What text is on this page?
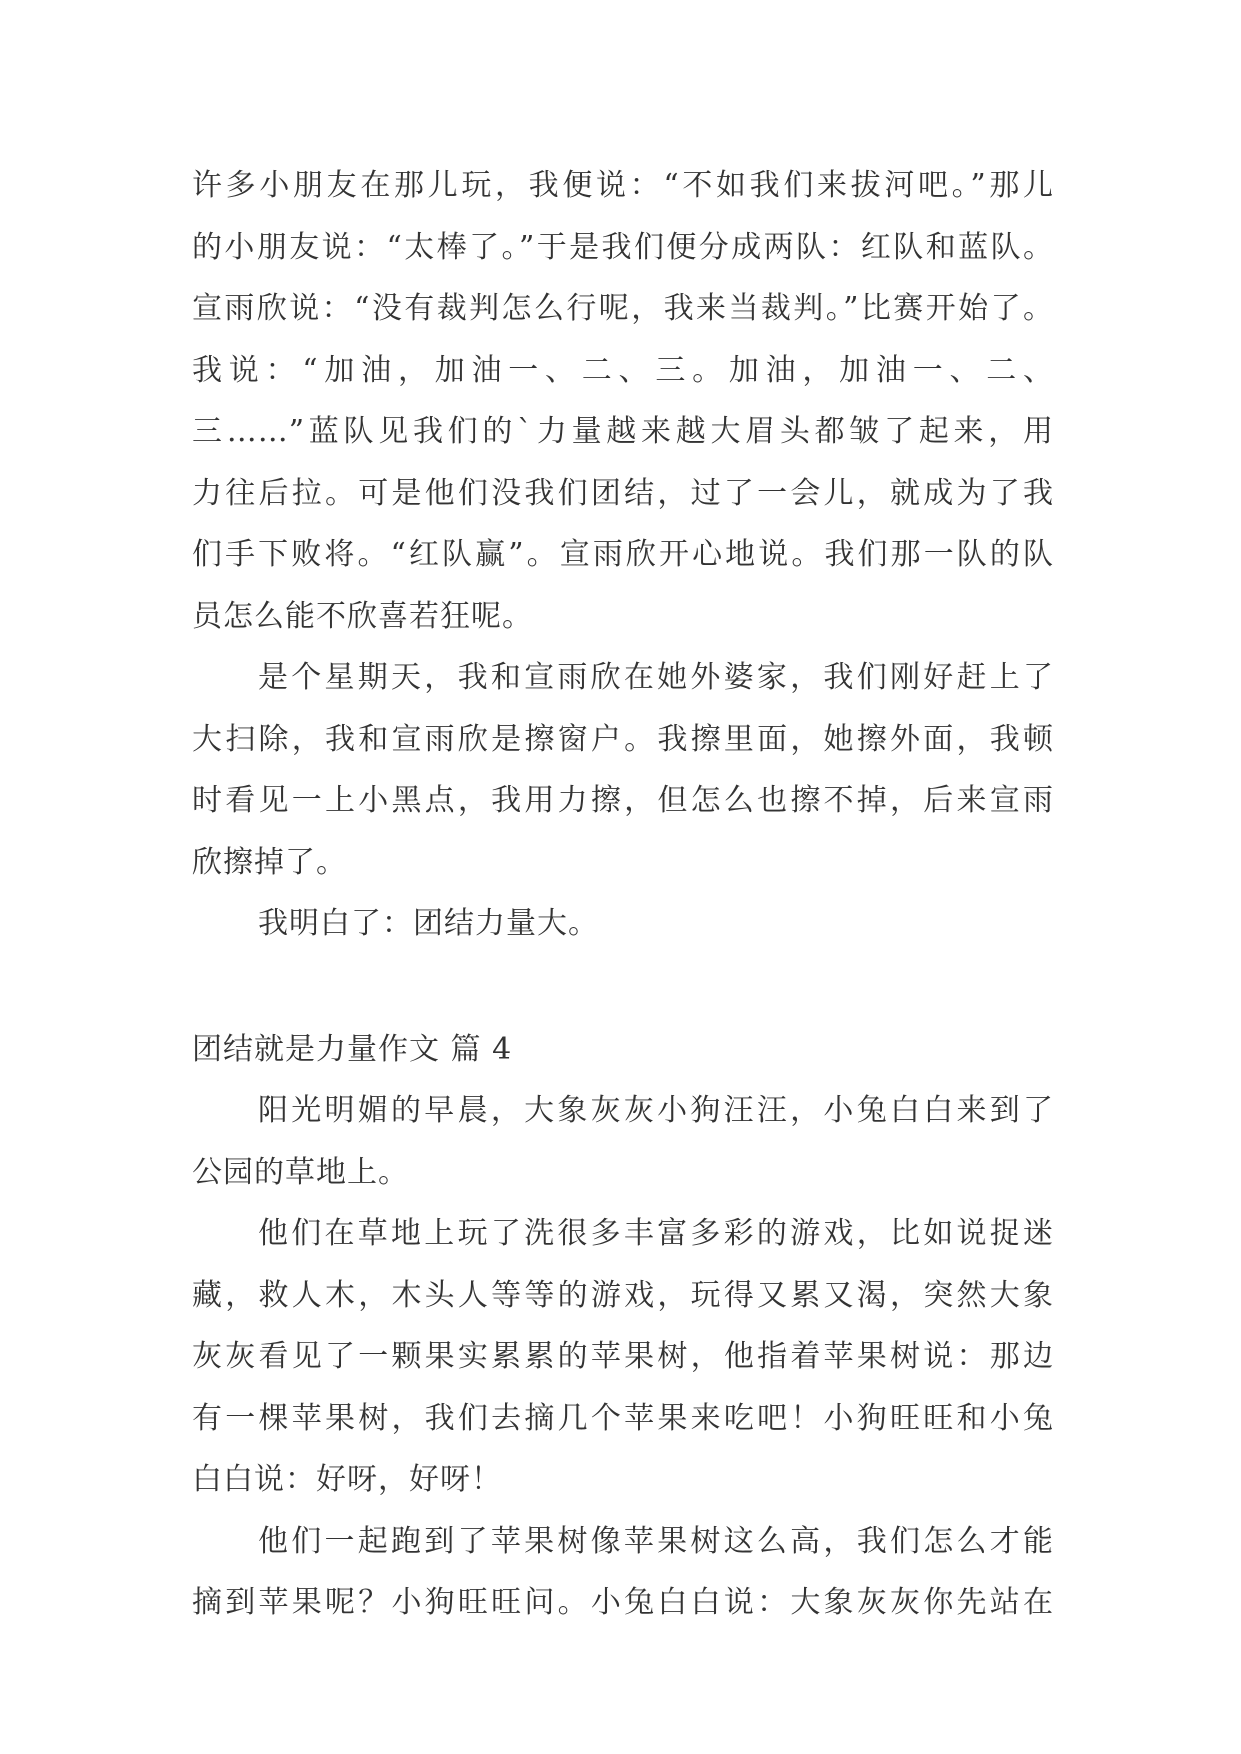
许多小朋友在那儿玩，我便说：“不如我们来拔河吧。”那儿
的小朋友说：“太棒了。”于是我们便分成两队：红队和蓝队。
宣雨欣说：“没有裁判怎么行呢，我来当裁判。”比赛开始了。
我说：“加油，加油一、二、三。加油，加油一、二、
三……”蓝队见我们的`力量越来越大眉头都皱了起来，用
力往后拉。可是他们没我们团结，过了一会儿，就成为了我
们手下败将。“红队赢”。宣雨欣开心地说。我们那一队的队
员怎么能不欣喜若狂呢。
是个星期天，我和宣雨欣在她外婆家，我们刚好赶上了
大扫除，我和宣雨欣是擦窗户。我擦里面，她擦外面，我顿
时看见一上小黑点，我用力擦，但怎么也擦不掉，后来宣雨
欣擦掉了。
我明白了：团结力量大。
团结就是力量作文 篇 4
阳光明媚的早晨，大象灰灰小狗汪汪，小兔白白来到了
公园的草地上。
他们在草地上玩了洗很多丰富多彩的游戏，比如说捉迷
藏，救人木，木头人等等的游戏，玩得又累又渴，突然大象
灰灰看见了一颗果实累累的苹果树，他指着苹果树说：那边
有一棵苹果树，我们去摘几个苹果来吃吧！小狗旺旺和小兔
白白说：好呀，好呀！
他们一起跑到了苹果树像苹果树这么高，我们怎么才能
摘到苹果呢？小狗旺旺问。小兔白白说：大象灰灰你先站在
